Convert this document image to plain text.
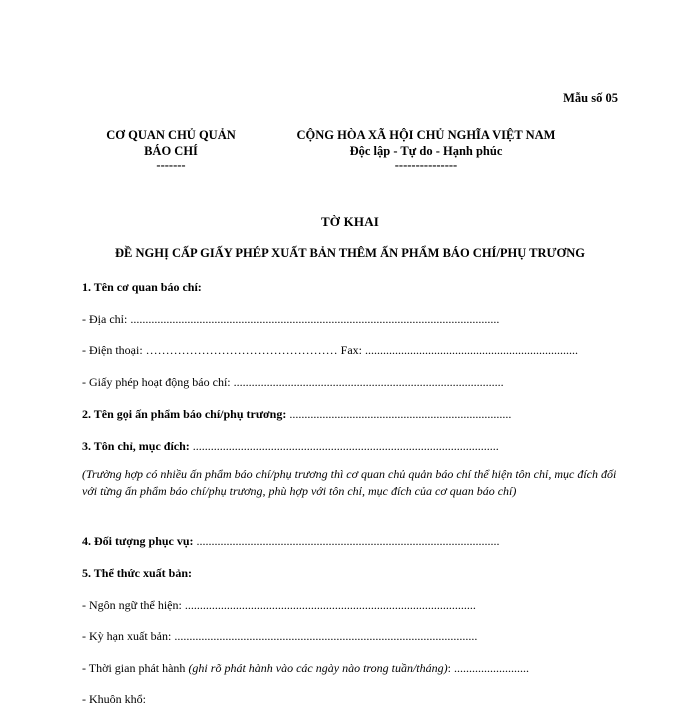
Mẫu số 05
CƠ QUAN CHỦ QUẢN
BÁO CHÍ
-------
CỘNG HÒA XÃ HỘI CHỦ NGHĨA VIỆT NAM
Độc lập - Tự do - Hạnh phúc
---------------
TỜ KHAI
ĐỀ NGHỊ CẤP GIẤY PHÉP XUẤT BẢN THÊM ẤN PHẨM BÁO CHÍ/PHỤ TRƯƠNG
1. Tên cơ quan báo chí:
- Địa chỉ: ...........................................................................................................................
- Điện thoại: ………………………………………… Fax: .......................................................................
- Giấy phép hoạt động báo chí: ..........................................................................................
2. Tên gọi ấn phẩm báo chí/phụ trương: ..........................................................................
3. Tôn chỉ, mục đích: ......................................................................................................
(Trường hợp có nhiều ấn phẩm báo chí/phụ trương thì cơ quan chủ quản báo chí thể hiện tôn chỉ, mục đích đối với từng ấn phẩm báo chí/phụ trương, phù hợp với tôn chỉ, mục đích của cơ quan báo chí)
4. Đối tượng phục vụ: .....................................................................................................
5. Thể thức xuất bản:
- Ngôn ngữ thể hiện: .................................................................................................
- Kỳ hạn xuất bản: .....................................................................................................
- Thời gian phát hành (ghi rõ phát hành vào các ngày nào trong tuần/tháng): .........................
- Khuôn khổ:
